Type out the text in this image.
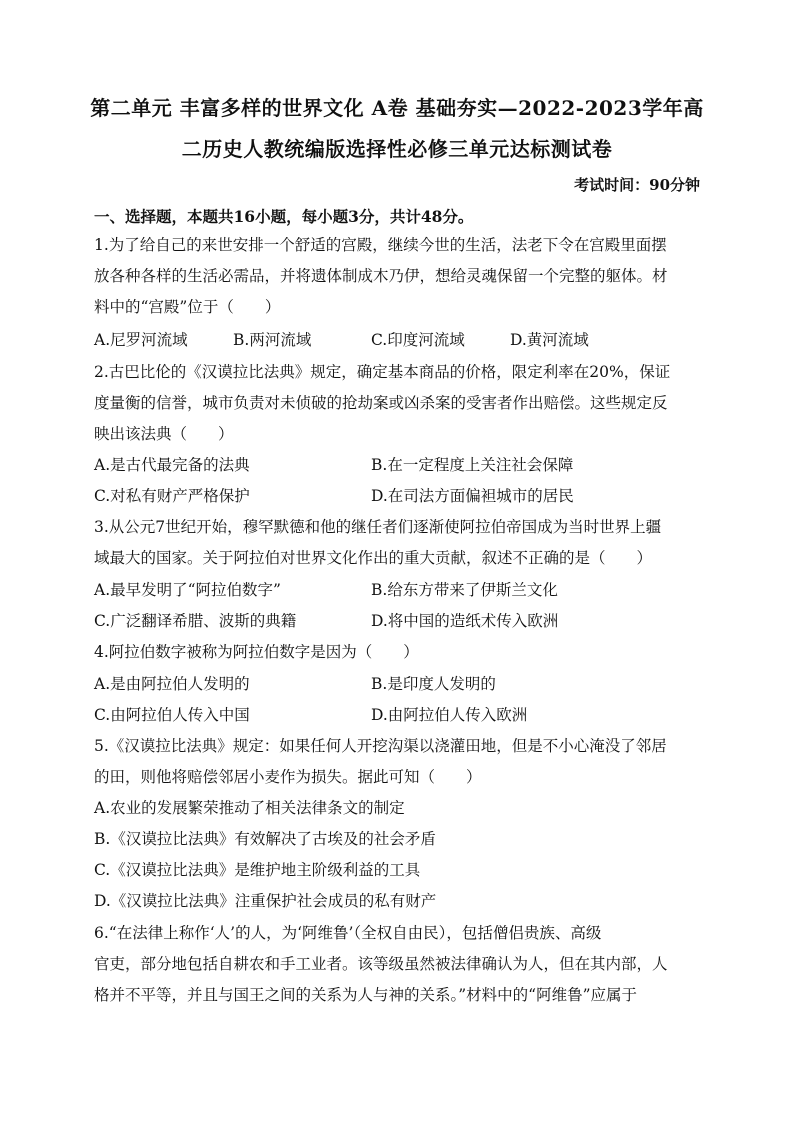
第二单元 丰富多样的世界文化 A卷 基础夯实—2022-2023学年高
二历史人教统编版选择性必修三单元达标测试卷
考试时间：90分钟
一、选择题，本题共16小题，每小题3分，共计48分。
1.为了给自己的来世安排一个舒适的宫殿，继续今世的生活，法老下令在宫殿里面摆
放各种各样的生活必需品，并将遗体制成木乃伊，想给灵魂保留一个完整的躯体。材
料中的“宫殿”位于（　　）
A.尼罗河流域	B.两河流域	C.印度河流域	D.黄河流域
2.古巴比伦的《汉谟拉比法典》规定，确定基本商品的价格，限定利率在20%，保证
度量衡的信誉，城市负责对未侦破的抢劫案或凶杀案的受害者作出赔偿。这些规定反
映出该法典（　　）
A.是古代最完备的法典	B.在一定程度上关注社会保障
C.对私有财产严格保护	D.在司法方面偏袒城市的居民
3.从公元7世纪开始，穆罕默德和他的继任者们逐渐使阿拉伯帝国成为当时世界上疆
域最大的国家。关于阿拉伯对世界文化作出的重大贡献，叙述不正确的是（　　）
A.最早发明了“阿拉伯数字”	B.给东方带来了伊斯兰文化
C.广泛翻译希腊、波斯的典籍	D.将中国的造纸术传入欧洲
4.阿拉伯数字被称为阿拉伯数字是因为（　　）
A.是由阿拉伯人发明的	B.是印度人发明的
C.由阿拉伯人传入中国	D.由阿拉伯人传入欧洲
5.《汉谟拉比法典》规定：如果任何人开挖沟渠以浇灌田地，但是不小心淹没了邻居
的田，则他将赔偿邻居小麦作为损失。据此可知（　　）
A.农业的发展繁荣推动了相关法律条文的制定
B.《汉谟拉比法典》有效解决了古埃及的社会矛盾
C.《汉谟拉比法典》是维护地主阶级利益的工具
D.《汉谟拉比法典》注重保护社会成员的私有财产
6.“在法律上称作‘人’的人，为‘阿维鲁’（全权自由民），包括僧侣贵族、高级
官吏，部分地包括自耕农和手工业者。该等级虽然被法律确认为人，但在其内部，人
格并不平等，并且与国王之间的关系为人与神的关系。”材料中的“阿维鲁”应属于
